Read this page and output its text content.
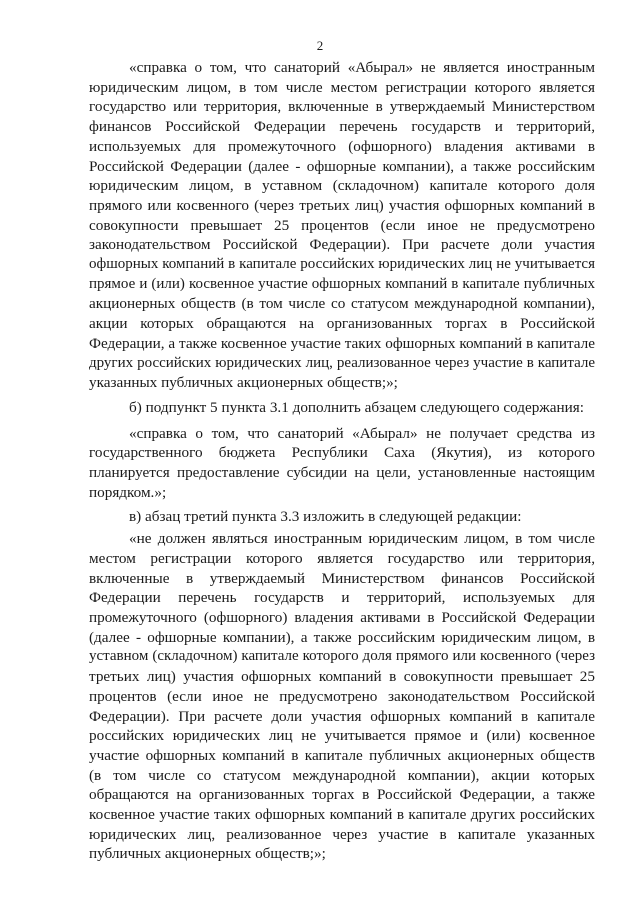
2
«справка о том, что санаторий «Абырал» не является иностранным
юридическим лицом, в том числе местом регистрации которого является
государство или территория, включенные в утверждаемый Министерством
финансов Российской Федерации перечень государств и территорий,
используемых для промежуточного (офшорного) владения активами в
Российской Федерации (далее - офшорные компании), а также российским
юридическим лицом, в уставном (складочном) капитале которого доля
прямого или косвенного (через третьих лиц) участия офшорных компаний в
совокупности превышает 25 процентов (если иное не предусмотрено
законодательством Российской Федерации). При расчете доли участия
офшорных компаний в капитале российских юридических лиц не учитывается
прямое и (или) косвенное участие офшорных компаний в капитале публичных
акционерных обществ (в том числе со статусом международной компании),
акции которых обращаются на организованных торгах в Российской
Федерации, а также косвенное участие таких офшорных компаний в капитале
других российских юридических лиц, реализованное через участие в капитале
указанных публичных акционерных обществ;»;
б) подпункт 5 пункта 3.1 дополнить абзацем следующего содержания:
«справка о том, что санаторий «Абырал» не получает средства из
государственного бюджета Республики Саха (Якутия), из которого
планируется предоставление субсидии на цели, установленные настоящим
порядком.»;
в) абзац третий пункта 3.3 изложить в следующей редакции:
«не должен являться иностранным юридическим лицом, в том числе
местом регистрации которого является государство или территория,
включенные в утверждаемый Министерством финансов Российской
Федерации перечень государств и территорий, используемых для
промежуточного (офшорного) владения активами в Российской Федерации
(далее - офшорные компании), а также российским юридическим лицом, в
уставном (складочном) капитале которого доля прямого или косвенного (через
третьих лиц) участия офшорных компаний в совокупности превышает 25
процентов (если иное не предусмотрено законодательством Российской
Федерации). При расчете доли участия офшорных компаний в капитале
российских юридических лиц не учитывается прямое и (или) косвенное
участие офшорных компаний в капитале публичных акционерных обществ
(в том числе со статусом международной компании), акции которых
обращаются на организованных торгах в Российской Федерации, а также
косвенное участие таких офшорных компаний в капитале других российских
юридических лиц, реализованное через участие в капитале указанных
публичных акционерных обществ;»;
